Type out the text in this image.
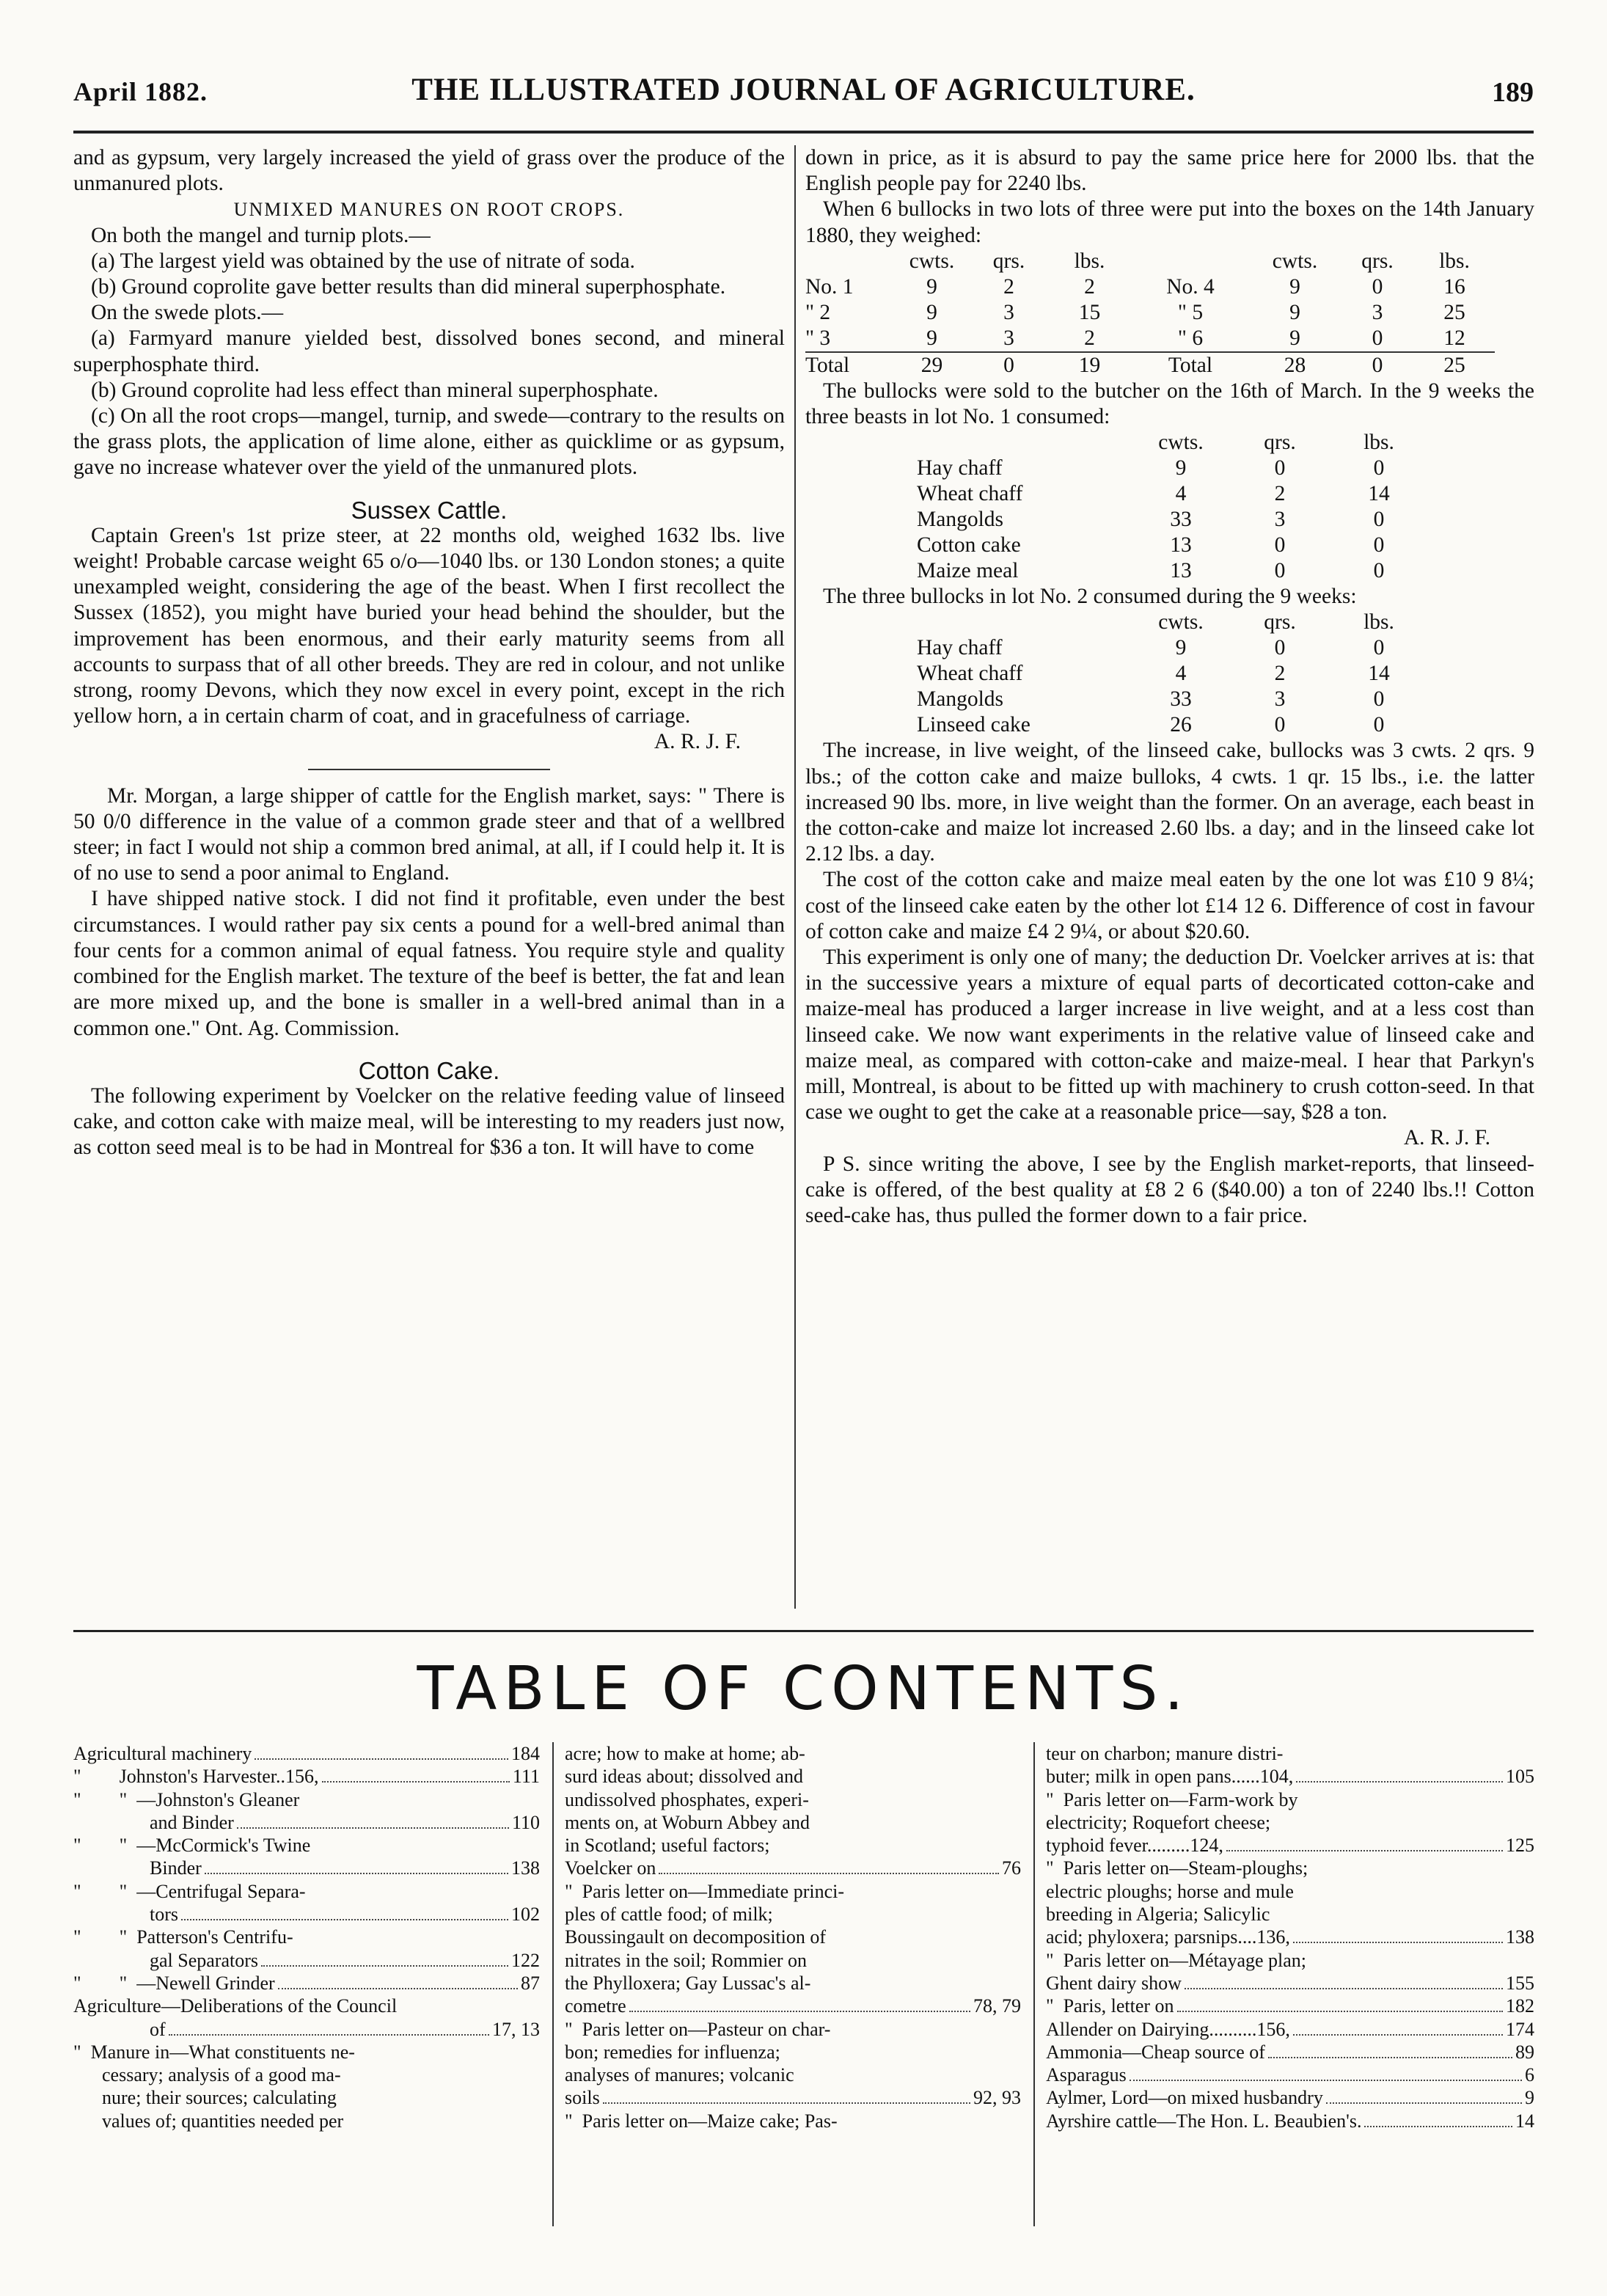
April 1882.	THE ILLUSTRATED JOURNAL OF AGRICULTURE.	189

and as gypsum, very largely increased the yield of grass over the produce of the unmanured plots.

UNMIXED MANURES ON ROOT CROPS.

On both the mangel and turnip plots.—

(a) The largest yield was obtained by the use of nitrate of soda.

(b) Ground coprolite gave better results than did mineral superphosphate.

On the swede plots.—

(a) Farmyard manure yielded best, dissolved bones second, and mineral superphosphate third.

(b) Ground coprolite had less effect than mineral superphosphate.

(c) On all the root crops—mangel, turnip, and swede—contrary to the results on the grass plots, the application of lime alone, either as quicklime or as gypsum, gave no increase whatever over the yield of the unmanured plots.

Sussex Cattle.

Captain Green's 1st prize steer, at 22 months old, weighed 1632 lbs. live weight! Probable carcase weight 65 o/o—1040 lbs. or 130 London stones; a quite unexampled weight, considering the age of the beast. When I first recollect the Sussex (1852), you might have buried your head behind the shoulder, but the improvement has been enormous, and their early maturity seems from all accounts to surpass that of all other breeds. They are red in colour, and not unlike strong, roomy Devons, which they now excel in every point, except in the rich yellow horn, a in certain charm of coat, and in gracefulness of carriage.

A. R. J. F.

Mr. Morgan, a large shipper of cattle for the English market, says: " There is 50 0/0 difference in the value of a common grade steer and that of a wellbred steer; in fact I would not ship a common bred animal, at all, if I could help it. It is of no use to send a poor animal to England.

I have shipped native stock. I did not find it profitable, even under the best circumstances. I would rather pay six cents a pound for a well-bred animal than four cents for a common animal of equal fatness. You require style and quality combined for the English market. The texture of the beef is better, the fat and lean are more mixed up, and the bone is smaller in a well-bred animal than in a common one." Ont. Ag. Commission.

Cotton Cake.

The following experiment by Voelcker on the relative feeding value of linseed cake, and cotton cake with maize meal, will be interesting to my readers just now, as cotton seed meal is to be had in Montreal for $36 a ton. It will have to come

down in price, as it is absurd to pay the same price here for 2000 lbs. that the English people pay for 2240 lbs.

When 6 bullocks in two lots of three were put into the boxes on the 14th January 1880, they weighed:

	cwts.	qrs.	lbs.		cwts.	qrs.	lbs.
No. 1	9	2	2	No. 4	9	0	16
" 2	9	3	15	" 5	9	3	25
" 3	9	3	2	" 6	9	0	12
Total	29	0	19	Total	28	0	25

The bullocks were sold to the butcher on the 16th of March. In the 9 weeks the three beasts in lot No. 1 consumed:

	cwts.	qrs.	lbs.
Hay chaff	9	0	0
Wheat chaff	4	2	14
Mangolds	33	3	0
Cotton cake	13	0	0
Maize meal	13	0	0

The three bullocks in lot No. 2 consumed during the 9 weeks:

	cwts.	qrs.	lbs.
Hay chaff	9	0	0
Wheat chaff	4	2	14
Mangolds	33	3	0
Linseed cake	26	0	0

The increase, in live weight, of the linseed cake, bullocks was 3 cwts. 2 qrs. 9 lbs.; of the cotton cake and maize bulloks, 4 cwts. 1 qr. 15 lbs., i.e. the latter increased 90 lbs. more, in live weight than the former. On an average, each beast in the cotton-cake and maize lot increased 2.60 lbs. a day; and in the linseed cake lot 2.12 lbs. a day.

The cost of the cotton cake and maize meal eaten by the one lot was £10 9 8¼; cost of the linseed cake eaten by the other lot £14 12 6. Difference of cost in favour of cotton cake and maize £4 2 9¼, or about $20.60.

This experiment is only one of many; the deduction Dr. Voelcker arrives at is: that in the successive years a mixture of equal parts of decorticated cotton-cake and maize-meal has produced a larger increase in live weight, and at a less cost than linseed cake. We now want experiments in the relative value of linseed cake and maize meal, as compared with cotton-cake and maize-meal. I hear that Parkyn's mill, Montreal, is about to be fitted up with machinery to crush cotton-seed. In that case we ought to get the cake at a reasonable price—say, $28 a ton.

A. R. J. F.

P S. since writing the above, I see by the English market-reports, that linseed-cake is offered, of the best quality at £8 2 6 ($40.00) a ton of 2240 lbs.!! Cotton seed-cake has, thus pulled the former down to a fair price.

TABLE OF CONTENTS.
Agricultural machinery	184
"        Johnston's Harvester..156,	111
"        "  —Johnston's Gleaner
and Binder	110
"        "  —McCormick's Twine
Binder	138
"        "  —Centrifugal Separa-
tors	102
"        "  Patterson's Centrifu-
gal Separators	122
"        "  —Newell Grinder	87
Agriculture—Deliberations of the Council
of	17, 13
"  Manure in—What constituents ne-
cessary; analysis of a good ma-
nure; their sources; calculating
values of; quantities needed per
acre; how to make at home; ab-
surd ideas about; dissolved and
undissolved phosphates, experi-
ments on, at Woburn Abbey and
in Scotland; useful factors;
Voelcker on	76
"  Paris letter on—Immediate princi-
ples of cattle food; of milk;
Boussingault on decomposition of
nitrates in the soil; Rommier on
the Phylloxera; Gay Lussac's al-
cometre	78, 79
"  Paris letter on—Pasteur on char-
bon; remedies for influenza;
analyses of manures; volcanic
soils	92, 93
"  Paris letter on—Maize cake; Pas-
teur on charbon; manure distri-
buter; milk in open pans......104,	105
"  Paris letter on—Farm-work by
electricity; Roquefort cheese;
typhoid fever.........124,	125
"  Paris letter on—Steam-ploughs;
electric ploughs; horse and mule
breeding in Algeria; Salicylic
acid; phyloxera; parsnips....136,	138
"  Paris letter on—Métayage plan;
Ghent dairy show	155
"  Paris, letter on	182
Allender on Dairying..........156,	174
Ammonia—Cheap source of	89
Asparagus	6
Aylmer, Lord—on mixed husbandry	9
Ayrshire cattle—The Hon. L. Beaubien's.	14
